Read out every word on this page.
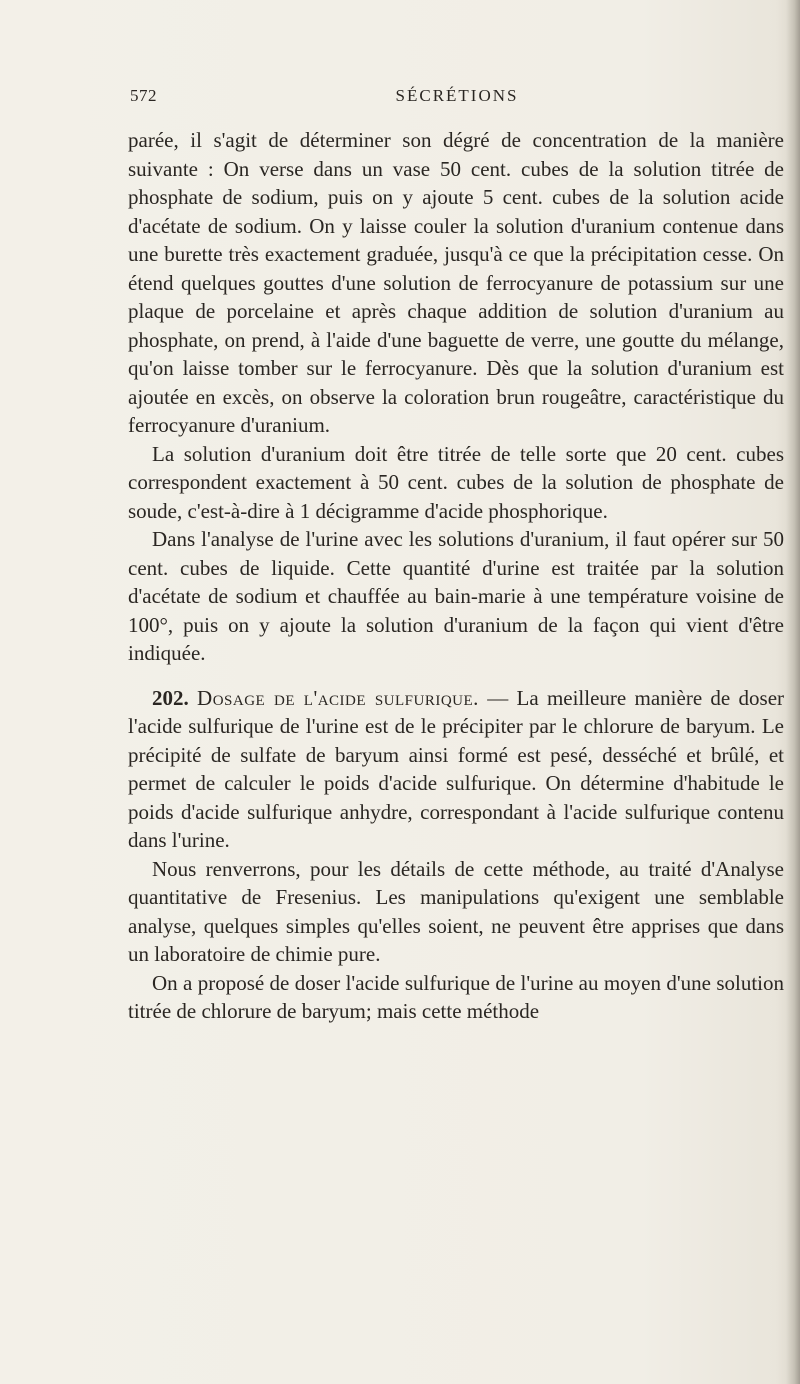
572	SÉCRÉTIONS

parée, il s'agit de déterminer son dégré de concentration de la manière suivante : On verse dans un vase 50 cent. cubes de la solution titrée de phosphate de sodium, puis on y ajoute 5 cent. cubes de la solution acide d'acétate de sodium. On y laisse couler la solution d'uranium contenue dans une burette très exactement graduée, jusqu'à ce que la précipitation cesse. On étend quelques gouttes d'une solution de ferrocyanure de potassium sur une plaque de porcelaine et après chaque addition de solution d'uranium au phosphate, on prend, à l'aide d'une baguette de verre, une goutte du mélange, qu'on laisse tomber sur le ferrocyanure. Dès que la solution d'uranium est ajoutée en excès, on observe la coloration brun rougeâtre, caractéristique du ferrocyanure d'uranium.

La solution d'uranium doit être titrée de telle sorte que 20 cent. cubes correspondent exactement à 50 cent. cubes de la solution de phosphate de soude, c'est-à-dire à 1 décigramme d'acide phosphorique.

Dans l'analyse de l'urine avec les solutions d'uranium, il faut opérer sur 50 cent. cubes de liquide. Cette quantité d'urine est traitée par la solution d'acétate de sodium et chauffée au bain-marie à une température voisine de 100°, puis on y ajoute la solution d'uranium de la façon qui vient d'être indiquée.

202. Dosage de l'acide sulfurique. — La meilleure manière de doser l'acide sulfurique de l'urine est de le précipiter par le chlorure de baryum. Le précipité de sulfate de baryum ainsi formé est pesé, desséché et brûlé, et permet de calculer le poids d'acide sulfurique. On détermine d'habitude le poids d'acide sulfurique anhydre, correspondant à l'acide sulfurique contenu dans l'urine.

Nous renverrons, pour les détails de cette méthode, au traité d'Analyse quantitative de Fresenius. Les manipulations qu'exigent une semblable analyse, quelques simples qu'elles soient, ne peuvent être apprises que dans un laboratoire de chimie pure.

On a proposé de doser l'acide sulfurique de l'urine au moyen d'une solution titrée de chlorure de baryum; mais cette méthode
